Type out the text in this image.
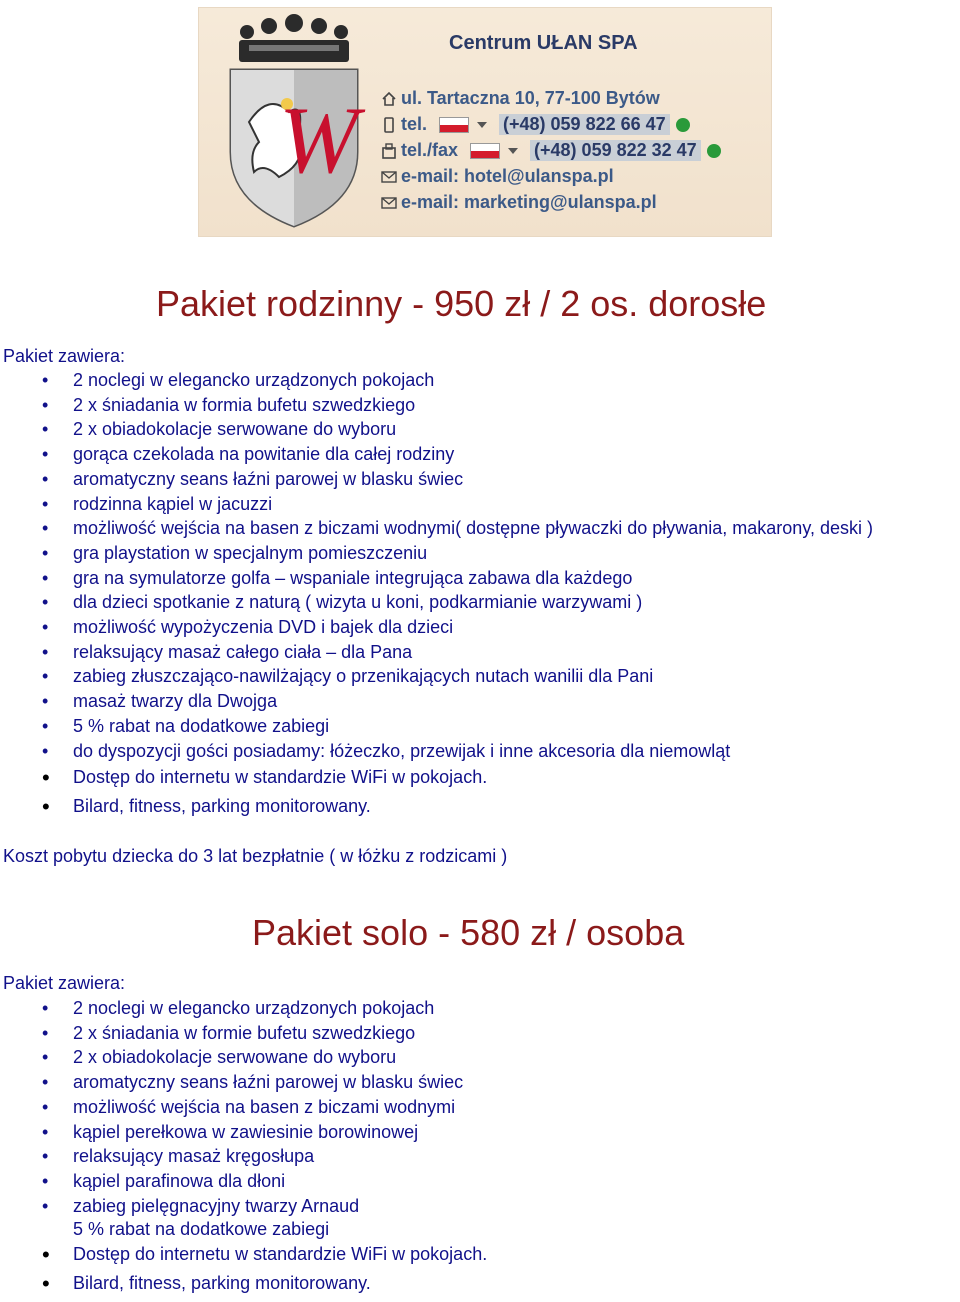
W
Centrum UŁAN SPA
ul. Tartaczna 10, 77-100 Bytów
tel.	(+48) 059 822 66 47
tel./fax	(+48) 059 822 32 47
e-mail: hotel@ulanspa.pl
e-mail: marketing@ulanspa.pl
Pakiet rodzinny - 950 zł / 2 os. dorosłe
Pakiet zawiera:
• 2 noclegi w elegancko urządzonych pokojach
• 2 x śniadania w formia bufetu szwedzkiego
• 2 x obiadokolacje serwowane do wyboru
• gorąca czekolada na powitanie dla całej rodziny
• aromatyczny seans łaźni parowej w blasku świec
• rodzinna kąpiel w jacuzzi
• możliwość wejścia na basen z biczami wodnymi( dostępne pływaczki do pływania, makarony, deski )
• gra playstation w specjalnym pomieszczeniu
• gra na symulatorze golfa – wspaniale integrująca zabawa dla każdego
• dla dzieci spotkanie z naturą ( wizyta u koni, podkarmianie warzywami )
• możliwość wypożyczenia DVD i bajek dla dzieci
• relaksujący masaż całego ciała – dla Pana
• zabieg złuszczająco-nawilżający o przenikających nutach wanilii dla Pani
• masaż twarzy dla Dwojga
• 5 % rabat na dodatkowe zabiegi
• do dyspozycji gości posiadamy: łóżeczko, przewijak i inne akcesoria dla niemowląt
• Dostęp do internetu w standardzie WiFi w pokojach.
• Bilard, fitness, parking monitorowany.
Koszt pobytu dziecka do 3 lat bezpłatnie ( w łóżku z rodzicami )
Pakiet solo - 580 zł / osoba
Pakiet zawiera:
• 2 noclegi w elegancko urządzonych pokojach
• 2 x śniadania w formie bufetu szwedzkiego
• 2 x obiadokolacje serwowane do wyboru
• aromatyczny seans łaźni parowej w blasku świec
• możliwość wejścia na basen z biczami wodnymi
• kąpiel perełkowa w zawiesinie borowinowej
• relaksujący masaż kręgosłupa
• kąpiel parafinowa dla dłoni
• zabieg pielęgnacyjny twarzy Arnaud
5 % rabat na dodatkowe zabiegi
• Dostęp do internetu w standardzie WiFi w pokojach.
• Bilard, fitness, parking monitorowany.
